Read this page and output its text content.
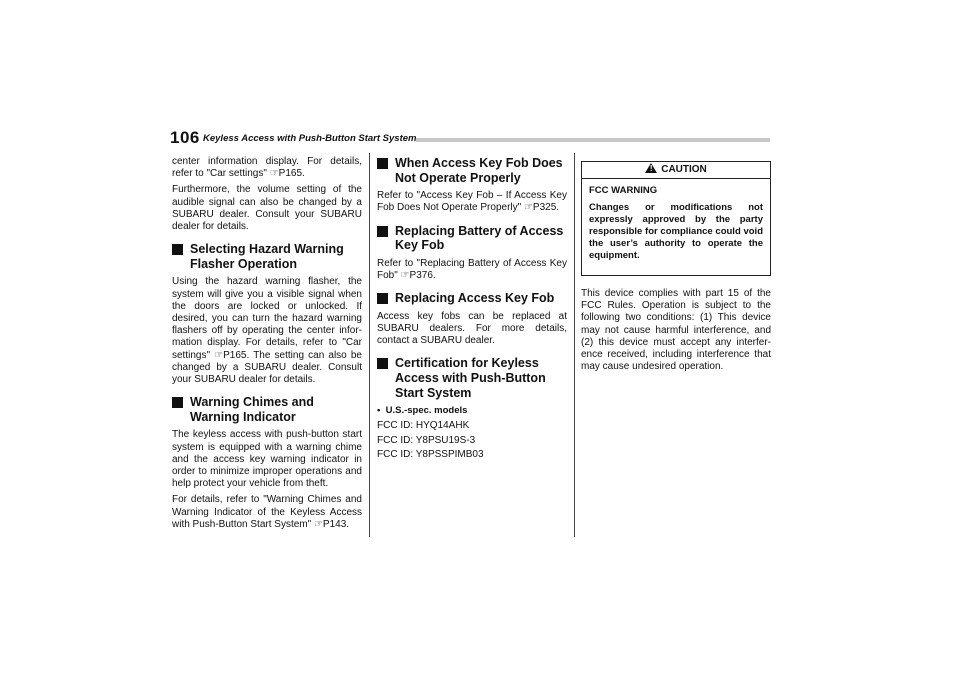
106 Keyless Access with Push-Button Start System

center information display. For details, refer to "Car settings" ☞P165.

Furthermore, the volume setting of the audible signal can also be changed by a SUBARU dealer. Consult your SUBARU dealer for details.

Selecting Hazard Warning Flasher Operation

Using the hazard warning flasher, the system will give you a visible signal when the doors are locked or unlocked. If desired, you can turn the hazard warning flashers off by operating the center infor-mation display. For details, refer to "Car settings" ☞P165. The setting can also be changed by a SUBARU dealer. Consult your SUBARU dealer for details.

Warning Chimes and Warning Indicator

The keyless access with push-button start system is equipped with a warning chime and the access key warning indicator in order to minimize improper operations and help protect your vehicle from theft.

For details, refer to "Warning Chimes and Warning Indicator of the Keyless Access with Push-Button Start System" ☞P143.

When Access Key Fob Does Not Operate Properly

Refer to "Access Key Fob – If Access Key Fob Does Not Operate Properly" ☞P325.

Replacing Battery of Access Key Fob

Refer to "Replacing Battery of Access Key Fob" ☞P376.

Replacing Access Key Fob

Access key fobs can be replaced at SUBARU dealers. For more details, contact a SUBARU dealer.

Certification for Keyless Access with Push-Button Start System
•  U.S.-spec. models

FCC ID: HYQ14AHK

FCC ID: Y8PSU19S-3

FCC ID: Y8PSSPIMB03

! CAUTION

FCC WARNING

Changes or modifications not expressly approved by the party responsible for compliance could void the user’s authority to operate the equipment.

This device complies with part 15 of the FCC Rules. Operation is subject to the following two conditions: (1) This device may not cause harmful interference, and (2) this device must accept any interfer-ence received, including interference that may cause undesired operation.
